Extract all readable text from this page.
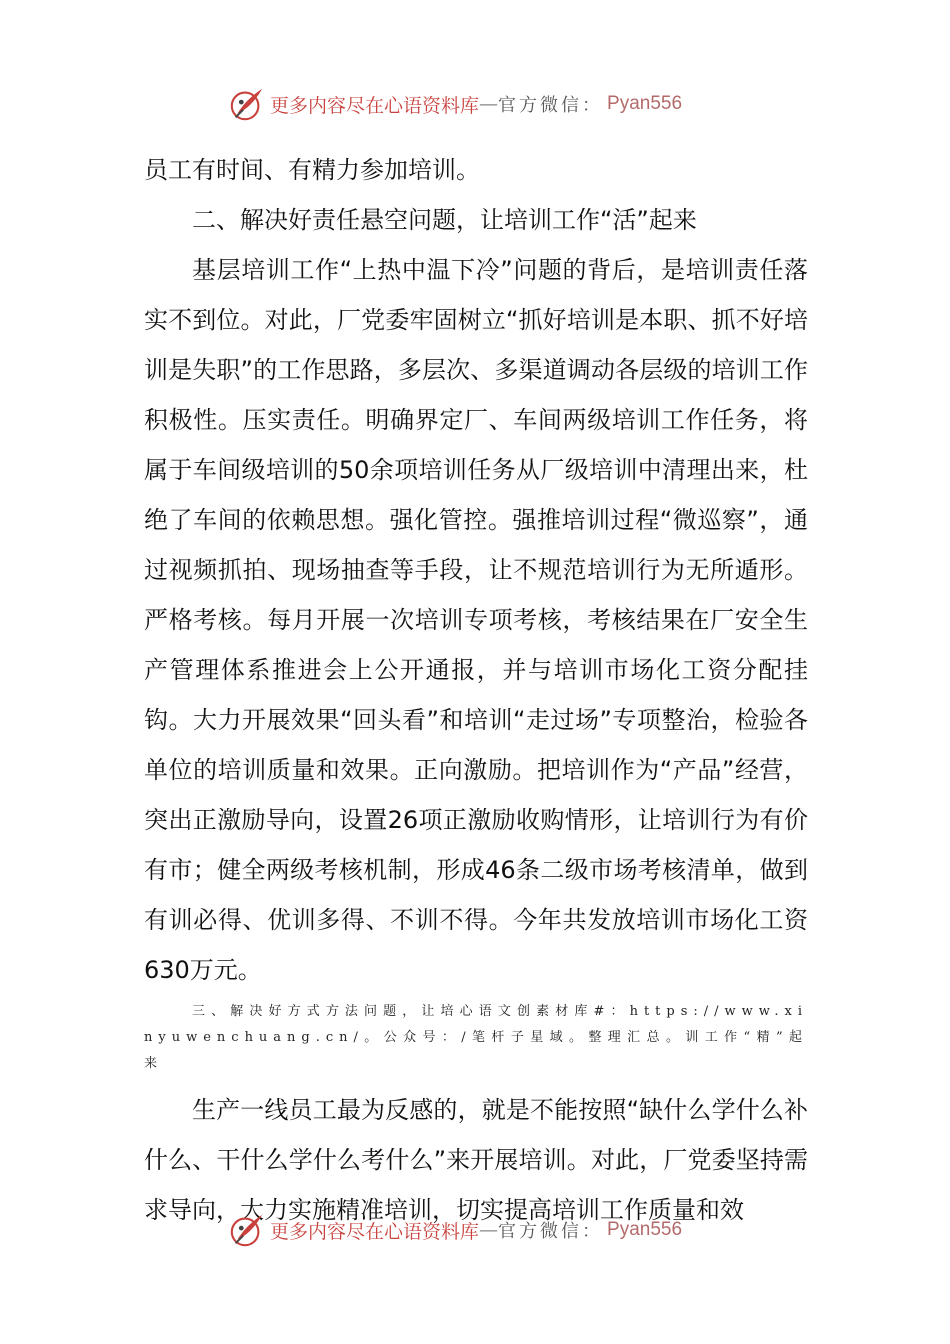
更多内容尽在心语资料库 — 官方微信： Pyan556

员工有时间、有精力参加培训。

二、解决好责任悬空问题，让培训工作“活”起来

基层培训工作“上热中温下冷”问题的背后，是培训责任落实不到位。对此，厂党委牢固树立“抓好培训是本职、抓不好培训是失职”的工作思路，多层次、多渠道调动各层级的培训工作积极性。压实责任。明确界定厂、车间两级培训工作任务，将属于车间级培训的50余项培训任务从厂级培训中清理出来，杜绝了车间的依赖思想。强化管控。强推培训过程“微巡察”，通过视频抓拍、现场抽查等手段，让不规范培训行为无所遁形。严格考核。每月开展一次培训专项考核，考核结果在厂安全生产管理体系推进会上公开通报，并与培训市场化工资分配挂钩。大力开展效果“回头看”和培训“走过场”专项整治，检验各单位的培训质量和效果。正向激励。把培训作为“产品”经营，突出正激励导向，设置26项正激励收购情形，让培训行为有价有市；健全两级考核机制，形成46条二级市场考核清单，做到有训必得、优训多得、不训不得。今年共发放培训市场化工资630万元。

三、解决好方式方法问题，让培心语文创素材库#：https://www.xinyuwenchuang.cn/。公众号：/笔杆子星域。整理汇总。训工作“精”起来

生产一线员工最为反感的，就是不能按照“缺什么学什么补什么、干什么学什么考什么”来开展培训。对此，厂党委坚持需求导向，大力实施精准培训，切实提高培训工作质量和效

更多内容尽在心语资料库 — 官方微信： Pyan556
